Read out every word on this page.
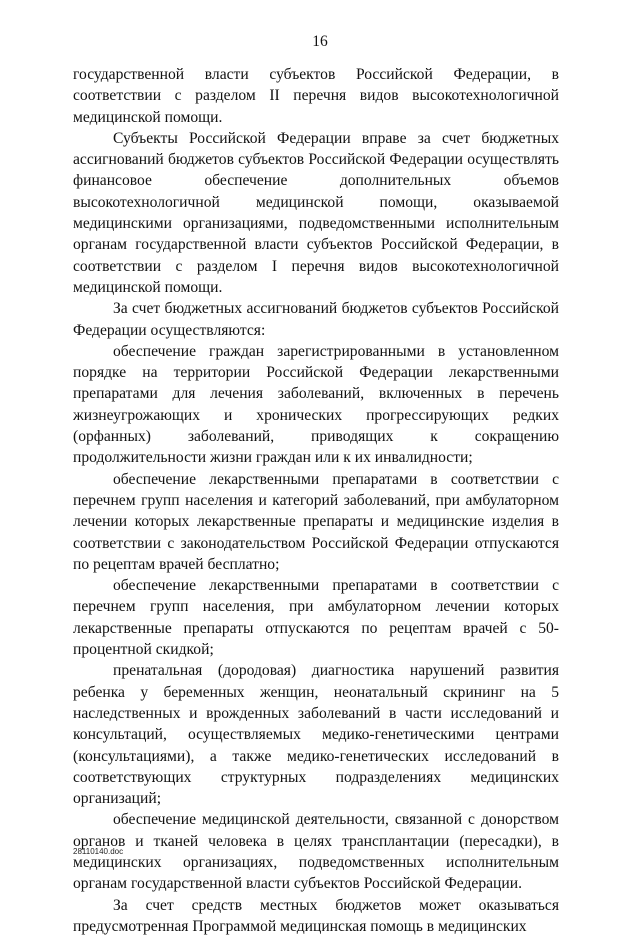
16

государственной власти субъектов Российской Федерации, в соответствии с разделом II перечня видов высокотехнологичной медицинской помощи.

Субъекты Российской Федерации вправе за счет бюджетных ассигнований бюджетов субъектов Российской Федерации осуществлять финансовое обеспечение дополнительных объемов высокотехнологичной медицинской помощи, оказываемой медицинскими организациями, подведомственными исполнительным органам государственной власти субъектов Российской Федерации, в соответствии с разделом I перечня видов высокотехнологичной медицинской помощи.

За счет бюджетных ассигнований бюджетов субъектов Российской Федерации осуществляются:

обеспечение граждан зарегистрированными в установленном порядке на территории Российской Федерации лекарственными препаратами для лечения заболеваний, включенных в перечень жизнеугрожающих и хронических прогрессирующих редких (орфанных) заболеваний, приводящих к сокращению продолжительности жизни граждан или к их инвалидности;

обеспечение лекарственными препаратами в соответствии с перечнем групп населения и категорий заболеваний, при амбулаторном лечении которых лекарственные препараты и медицинские изделия в соответствии с законодательством Российской Федерации отпускаются по рецептам врачей бесплатно;

обеспечение лекарственными препаратами в соответствии с перечнем групп населения, при амбулаторном лечении которых лекарственные препараты отпускаются по рецептам врачей с 50-процентной скидкой;

пренатальная (дородовая) диагностика нарушений развития ребенка у беременных женщин, неонатальный скрининг на 5 наследственных и врожденных заболеваний в части исследований и консультаций, осуществляемых медико-генетическими центрами (консультациями), а также медико-генетических исследований в соответствующих структурных подразделениях медицинских организаций;

обеспечение медицинской деятельности, связанной с донорством органов и тканей человека в целях трансплантации (пересадки), в медицинских организациях, подведомственных исполнительным органам государственной власти субъектов Российской Федерации.

За счет средств местных бюджетов может оказываться предусмотренная Программой медицинская помощь в медицинских

28110140.doc
